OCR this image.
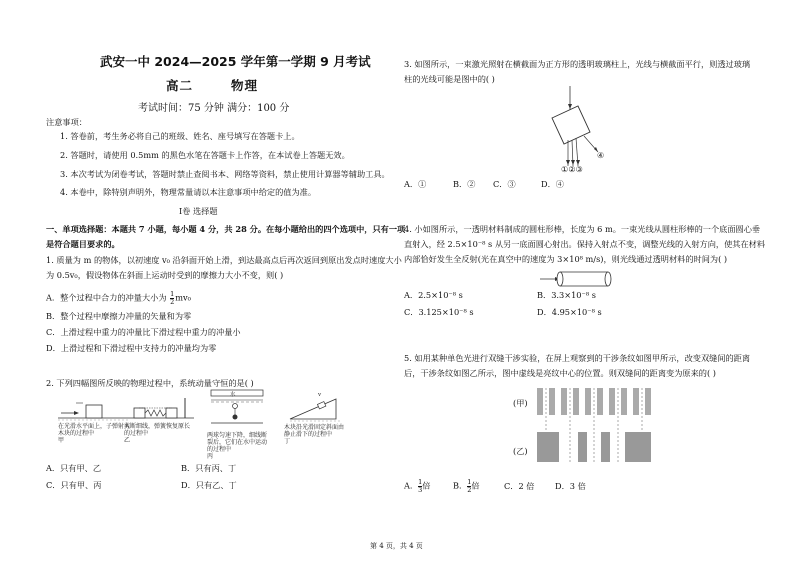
武安一中 2024—2025 学年第一学期 9 月考试
高二	物理
考试时间：75 分钟 满分：100 分
注意事项：
1. 答卷前，考生务必将自己的班级、姓名、座号填写在答题卡上。
2. 答题时，请使用 0.5mm 的黑色水笔在答题卡上作答，在本试卷上答题无效。
3. 本次考试为闭卷考试，答题时禁止查阅书本、网络等资料，禁止使用计算器等辅助工具。
4. 本卷中，除特别声明外，物理常量请以本注意事项中给定的值为准。
Ⅰ卷 选择题
一、单项选择题：本题共 7 小题，每小题 4 分，共 28 分。在每小题给出的四个选项中，只有一项
是符合题目要求的。
1. 质量为 m 的物体，以初速度 v₀ 沿斜面开始上滑，到达最高点后再次返回到原出发点时速度大小
为 0.5v₀，假设物体在斜面上运动时受到的摩擦力大小不变，则( )
A．整个过程中合力的冲量大小为 $\frac{1}{2} mv_0$
B．整个过程中摩擦力冲量的矢量和为零
C．上滑过程中重力的冲量比下滑过程中重力的冲量小
D．上滑过程和下滑过程中支持力的冲量均为零
2. 下列四幅图所反映的物理过程中，系统动量守恒的是( )
在光滑水平面上，子弹射入木块的过程中
甲
剪断细线，弹簧恢复原长的过程中
乙
水
两球匀速下降，细线断裂后，它们在水中运动的过程中
丙
v
木块沿光滑固定斜面由静止滑下的过程中
丁
A．只有甲、乙	B．只有丙、丁
C．只有甲、丙	D．只有乙、丁
3. 如图所示，一束激光照射在横截面为正方形的透明玻璃柱上，光线与横截面平行，则透过玻璃
柱的光线可能是图中的( )
④
①②③
A．①	B．② C．③	D．④
4. 小如图所示，一透明材料制成的圆柱形棒，长度为 6 m。一束光线从圆柱形棒的一个底面圆心垂
直射入，经 2.5×10⁻⁸ s 从另一底面圆心射出。保持入射点不变，调整光线的入射方向，使其在材料
内部恰好发生全反射(光在真空中的速度为 3×10⁸ m/s)，则光线通过透明材料的时间为( )
A．2.5×10⁻⁸ s	B．3.3×10⁻⁸ s
C．3.125×10⁻⁸ s	D．4.95×10⁻⁸ s
5. 如用某种单色光进行双缝干涉实验，在屏上观察到的干涉条纹如图甲所示，改变双缝间的距离
后，干涉条纹如图乙所示，图中虚线是亮纹中心的位置。则双缝间的距离变为原来的( )
(甲)
(乙)
A． $\frac{1}{3}$ 倍	B． $\frac{1}{2}$ 倍	C．2 倍	D．3 倍
第 4 页，共 4 页
